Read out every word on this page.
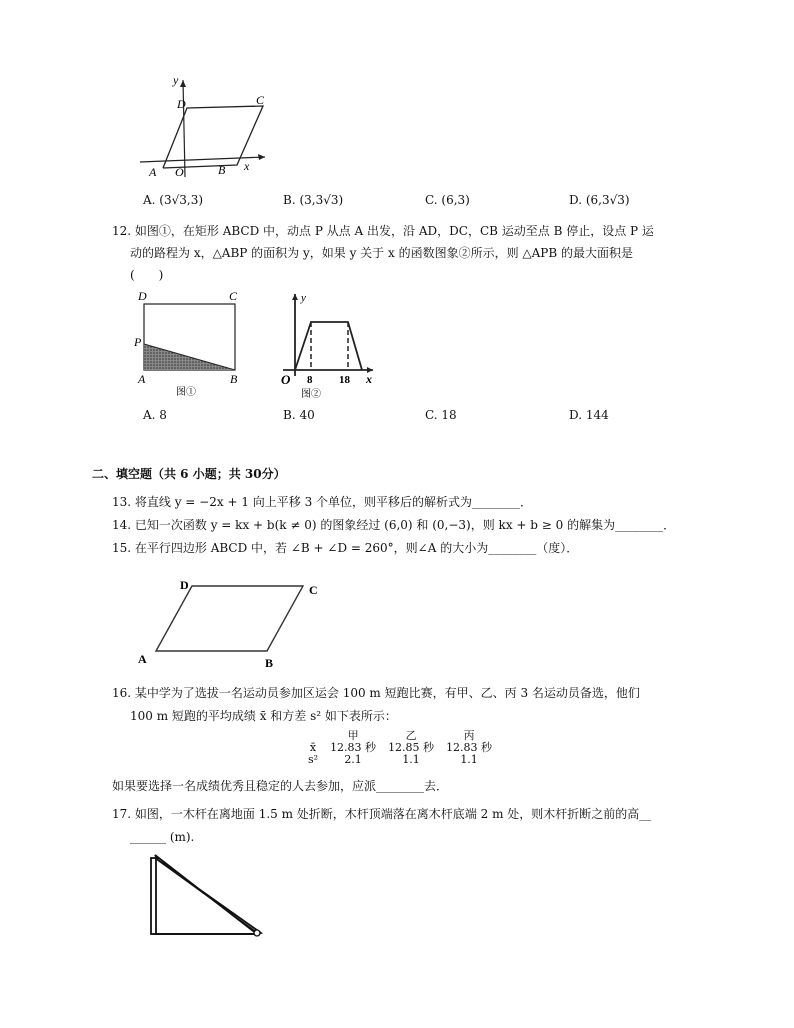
y
D	C
O
A	B x
A. (3√3,3)	B. (3,3√3)	C. (6,3)	D. (6,3√3)
12. 如图①，在矩形 ABCD 中，动点 P 从点 A 出发，沿 AD，DC，CB 运动至点 B 停止，设点 P 运
动的路程为 x，△ABP 的面积为 y，如果 y 关于 x 的函数图象②所示，则 △APB 的最大面积是
(　　)
D	C
P
A	B
图①
y
O 8 18 x
图②
A. 8	B. 40	C. 18	D. 144
二、填空题（共 6 小题；共 30分）
13. 将直线 y = −2x + 1 向上平移 3 个单位，则平移后的解析式为________．
14. 已知一次函数 y = kx + b(k ≠ 0) 的图象经过 (6,0) 和 (0,−3)，则 kx + b ≥ 0 的解集为________．
15. 在平行四边形 ABCD 中，若 ∠B + ∠D = 260°，则∠A 的大小为________（度）．
D	C
A	B
16. 某中学为了选拔一名运动员参加区运会 100 m 短跑比赛，有甲、乙、丙 3 名运动员备选，他们
100 m 短跑的平均成绩 x̄ 和方差 s² 如下表所示：
	甲	乙	丙
x̄	12.83 秒	12.85 秒	12.83 秒
s²	2.1	1.1	1.1
如果要选择一名成绩优秀且稳定的人去参加，应派________去．
17. 如图，一木杆在离地面 1.5 m 处折断，木杆顶端落在离木杆底端 2 m 处，则木杆折断之前的高__
______ (m).
